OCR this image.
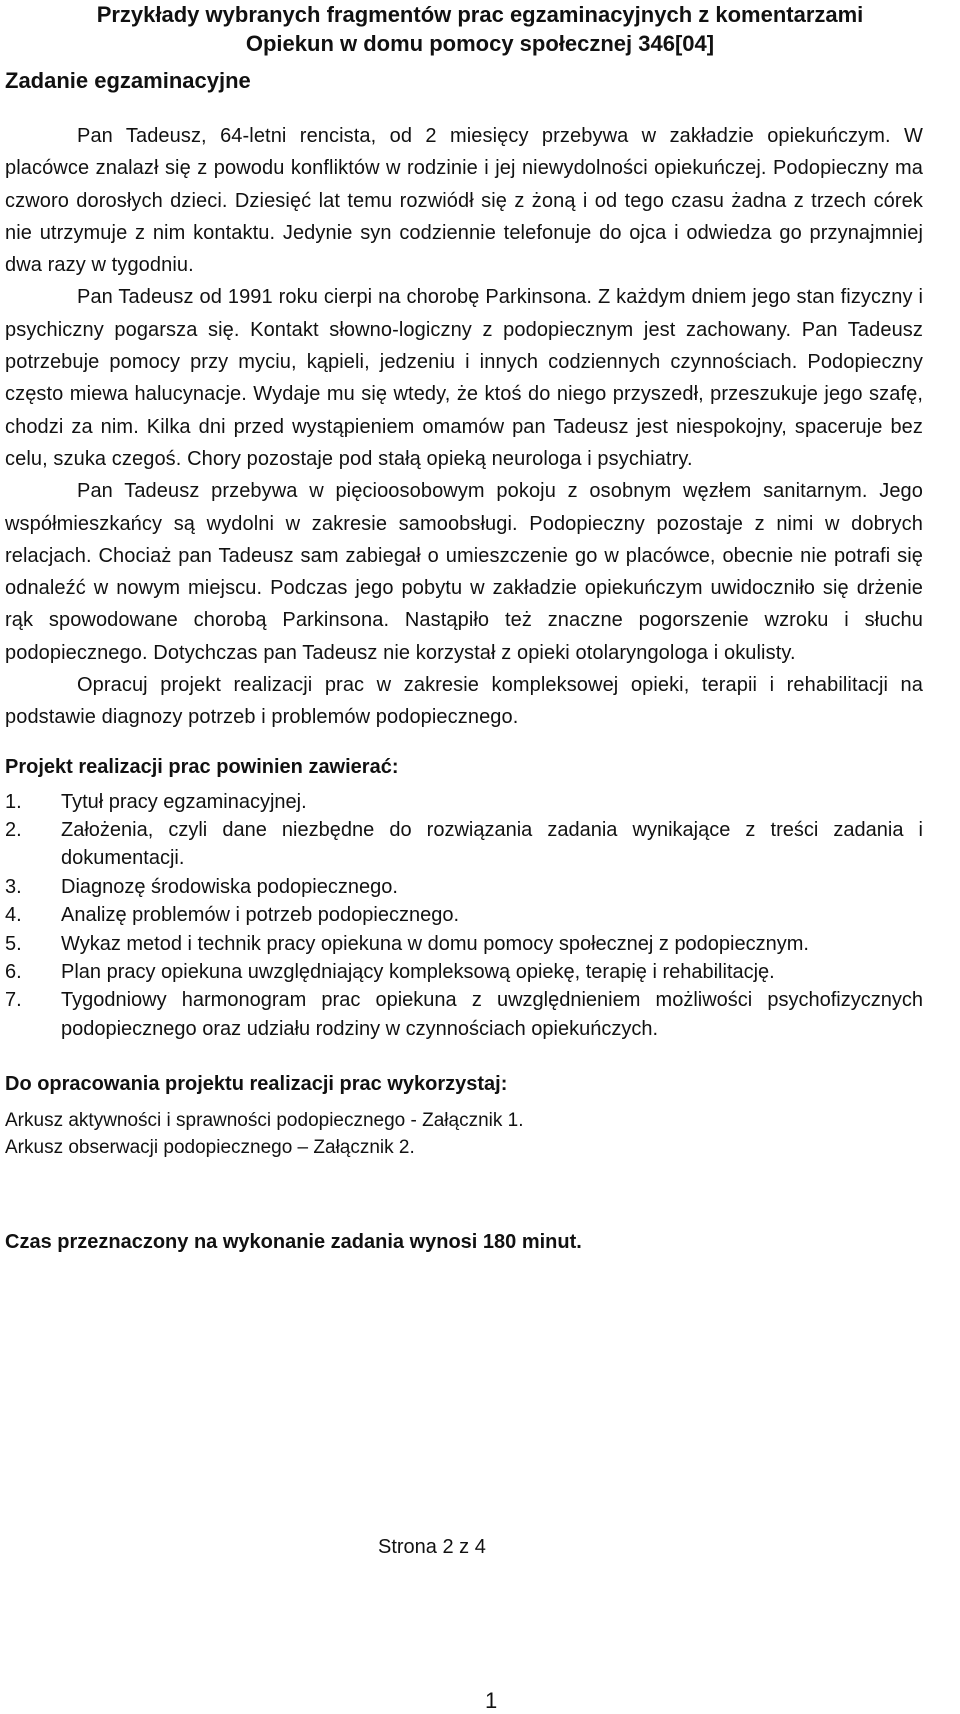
Przykłady wybranych fragmentów prac egzaminacyjnych z komentarzami
Opiekun w domu pomocy społecznej 346[04]
Zadanie egzaminacyjne

Pan Tadeusz, 64-letni rencista, od 2 miesięcy przebywa w zakładzie opiekuńczym. W placówce znalazł się z powodu konfliktów w rodzinie i jej niewydolności opiekuńczej. Podopieczny ma czworo dorosłych dzieci. Dziesięć lat temu rozwiódł się z żoną i od tego czasu żadna z trzech córek nie utrzymuje z nim kontaktu. Jedynie syn codziennie telefonuje do ojca i odwiedza go przynajmniej dwa razy w tygodniu.

Pan Tadeusz od 1991 roku cierpi na chorobę Parkinsona. Z każdym dniem jego stan fizyczny i psychiczny pogarsza się. Kontakt słowno-logiczny z podopiecznym jest zachowany. Pan Tadeusz potrzebuje pomocy przy myciu, kąpieli, jedzeniu i innych codziennych czynnościach. Podopieczny często miewa halucynacje. Wydaje mu się wtedy, że ktoś do niego przyszedł, przeszukuje jego szafę, chodzi za nim. Kilka dni przed wystąpieniem omamów pan Tadeusz jest niespokojny, spaceruje bez celu, szuka czegoś. Chory pozostaje pod stałą opieką neurologa i psychiatry.

Pan Tadeusz przebywa w pięcioosobowym pokoju z osobnym węzłem sanitarnym. Jego współmieszkańcy są wydolni w zakresie samoobsługi. Podopieczny pozostaje z nimi w dobrych relacjach. Chociaż pan Tadeusz sam zabiegał o umieszczenie go w placówce, obecnie nie potrafi się odnaleźć w nowym miejscu. Podczas jego pobytu w zakładzie opiekuńczym uwidoczniło się drżenie rąk spowodowane chorobą Parkinsona. Nastąpiło też znaczne pogorszenie wzroku i słuchu podopiecznego. Dotychczas pan Tadeusz nie korzystał z opieki otolaryngologa i okulisty.

Opracuj projekt realizacji prac w zakresie kompleksowej opieki, terapii i rehabilitacji na podstawie diagnozy potrzeb i problemów podopiecznego.

Projekt realizacji prac powinien zawierać:
1. Tytuł pracy egzaminacyjnej.
2. Założenia, czyli dane niezbędne do rozwiązania zadania wynikające z treści zadania i dokumentacji.
3. Diagnozę środowiska podopiecznego.
4. Analizę problemów i potrzeb podopiecznego.
5. Wykaz metod i technik pracy opiekuna w domu pomocy społecznej z podopiecznym.
6. Plan pracy opiekuna uwzględniający kompleksową opiekę, terapię i rehabilitację.
7. Tygodniowy harmonogram prac opiekuna z uwzględnieniem możliwości psychofizycznych podopiecznego oraz udziału rodziny w czynnościach opiekuńczych.
Do opracowania projektu realizacji prac wykorzystaj:
Arkusz aktywności i sprawności podopiecznego - Załącznik 1.
Arkusz obserwacji podopiecznego – Załącznik 2.

Czas przeznaczony na wykonanie zadania wynosi 180 minut.

Strona 2 z 4
1
